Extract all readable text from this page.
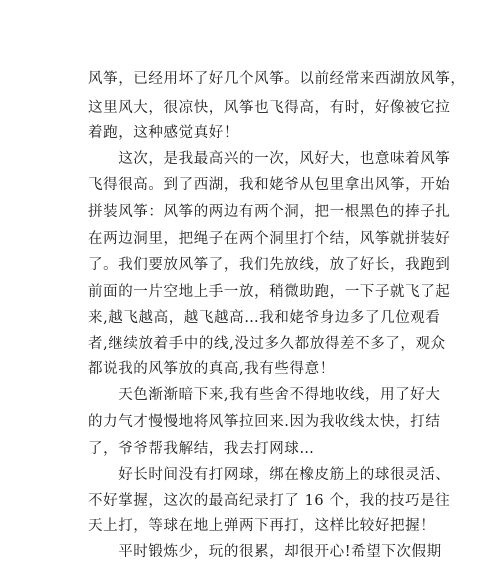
风筝，已经用坏了好几个风筝。以前经常来西湖放风筝，
这里风大，很凉快，风筝也飞得高，有时，好像被它拉
着跑，这种感觉真好！
　　这次，是我最高兴的一次，风好大，也意味着风筝
飞得很高。到了西湖，我和姥爷从包里拿出风筝，开始
拼装风筝：风筝的两边有两个洞，把一根黑色的捧子扎
在两边洞里，把绳子在两个洞里打个结，风筝就拼装好
了。我们要放风筝了，我们先放线，放了好长，我跑到
前面的一片空地上手一放，稍微助跑，一下子就飞了起
来,越飞越高，越飞越高…我和姥爷身边多了几位观看
者,继续放着手中的线,没过多久都放得差不多了，观众
都说我的风筝放的真高,我有些得意！
　　天色渐渐暗下来,我有些舍不得地收线，用了好大
的力气才慢慢地将风筝拉回来.因为我收线太快，打结
了，爷爷帮我解结，我去打网球…
　　好长时间没有打网球，绑在橡皮筋上的球很灵活、
不好掌握，这次的最高纪录打了 16 个，我的技巧是往
天上打，等球在地上弹两下再打，这样比较好把握！
　　平时锻炼少，玩的很累，却很开心!希望下次假期
